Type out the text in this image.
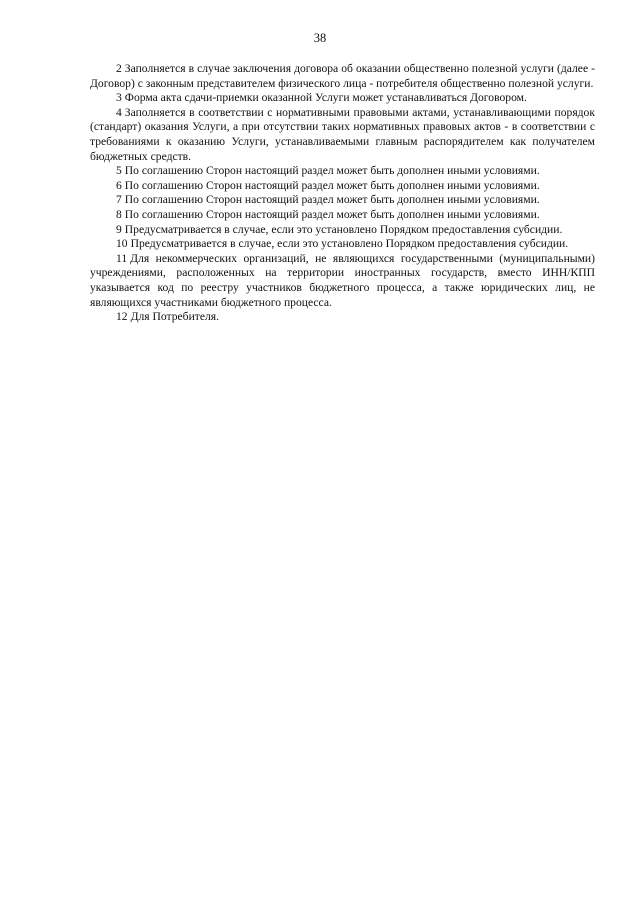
38

2 Заполняется в случае заключения договора об оказании общественно полезной услуги (далее - Договор) с законным представителем физического лица - потребителя общественно полезной услуги.

3 Форма акта сдачи-приемки оказанной Услуги может устанавливаться Договором.

4 Заполняется в соответствии с нормативными правовыми актами, устанавливающими порядок (стандарт) оказания Услуги, а при отсутствии таких нормативных правовых актов - в соответствии с требованиями к оказанию Услуги, устанавливаемыми главным распорядителем как получателем бюджетных средств.

5 По соглашению Сторон настоящий раздел может быть дополнен иными условиями.

6 По соглашению Сторон настоящий раздел может быть дополнен иными условиями.

7 По соглашению Сторон настоящий раздел может быть дополнен иными условиями.

8 По соглашению Сторон настоящий раздел может быть дополнен иными условиями.

9 Предусматривается в случае, если это установлено Порядком предоставления субсидии.

10 Предусматривается в случае, если это установлено Порядком предоставления субсидии.

11 Для некоммерческих организаций, не являющихся государственными (муниципальными) учреждениями, расположенных на территории иностранных государств, вместо ИНН/КПП указывается код по реестру участников бюджетного процесса, а также юридических лиц, не являющихся участниками бюджетного процесса.

12 Для Потребителя.
